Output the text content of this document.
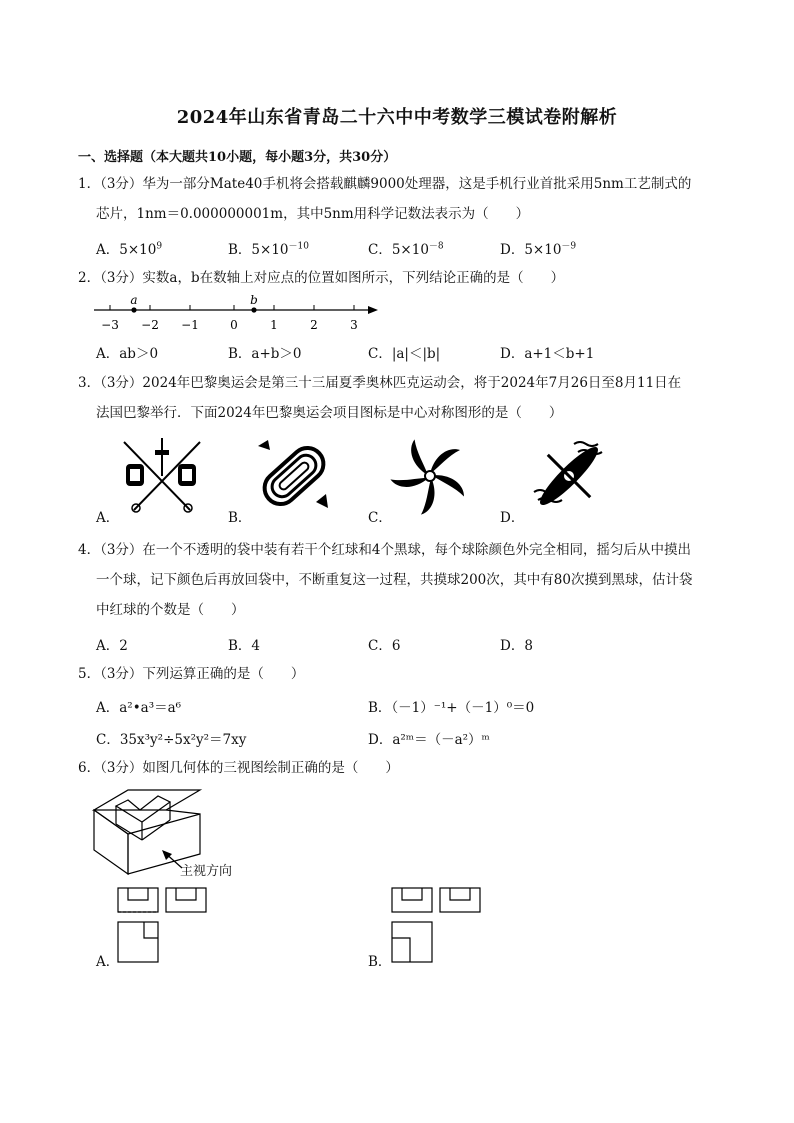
2024年山东省青岛二十六中中考数学三模试卷附解析
一、选择题（本大题共10小题，每小题3分，共30分）
1．（3分）华为一部分Mate40手机将会搭载麒麟9000处理器，这是手机行业首批采用5nm工艺制式的
芯片，1nm＝0.000000001m，其中5nm用科学记数法表示为（　　）
A．$5\times 10^9$	B．$5\times 10^{-10}$	C．$5\times 10^{-8}$	D．$5\times 10^{-9}$
2．（3分）实数a，b在数轴上对应点的位置如图所示，下列结论正确的是（　　）
−3 −2 −1	0	1	2	3
a	b
A．ab＞0	B．a+b＞0	C．|a|＜|b|	D．a+1＜b+1
3．（3分）2024年巴黎奥运会是第三十三届夏季奥林匹克运动会，将于2024年7月26日至8月11日在
法国巴黎举行．下面2024年巴黎奥运会项目图标是中心对称图形的是（　　）
A．	B．	C．	D．
4．（3分）在一个不透明的袋中装有若干个红球和4个黑球，每个球除颜色外完全相同，摇匀后从中摸出
一个球，记下颜色后再放回袋中，不断重复这一过程，共摸球200次，其中有80次摸到黑球，估计袋
中红球的个数是（　　）
A．2	B．4	C．6	D．8
5．（3分）下列运算正确的是（　　）
A．a²•a³＝a⁶	B．（－1）⁻¹+（－1）⁰＝0
C．35x³y²÷5x²y²＝7xy	D．a²ᵐ＝（－a²）ᵐ
6．（3分）如图几何体的三视图绘制正确的是（　　）
主视方向
A．	B．
